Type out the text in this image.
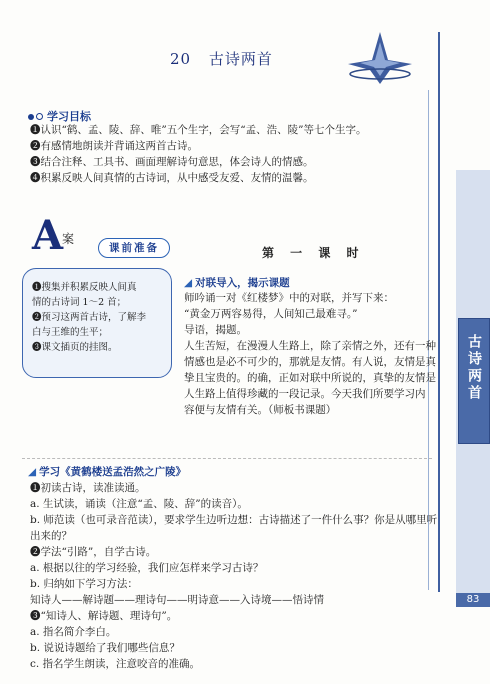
20 古诗两首
古诗两首
83
学习目标
❶认识“鹤、孟、陵、辞、唯”五个生字，会写“孟、浩、陵”等七个生字。
❷有感情地朗读并背诵这两首古诗。
❸结合注释、工具书、画面理解诗句意思，体会诗人的情感。
❹积累反映人间真情的古诗词，从中感受友爱、友情的温馨。
A
案
课前准备
❶搜集并积累反映人间真
情的古诗词 1～2 首；
❷预习这两首古诗，了解李
白与王维的生平；
❸课文插页的挂图。
第 一 课 时
◢ 对联导入，揭示课题
师吟诵一对《红楼梦》中的对联，并写下来：
“黄金万两容易得，人间知己最难寻。”
导语，揭题。
人生苦短，在漫漫人生路上，除了亲情之外，还有一种
情感也是必不可少的，那就是友情。有人说，友情是真
挚且宝贵的。的确，正如对联中所说的，真挚的友情是
人生路上值得珍藏的一段记录。今天我们所要学习内
容便与友情有关。（师板书课题）
◢ 学习《黄鹤楼送孟浩然之广陵》
❶初读古诗，读准读通。
a. 生试读，诵读（注意“孟、陵、辞”的读音）。
b. 师范读（也可录音范读），要求学生边听边想：古诗描述了一件什么事？你是从哪里听
出来的？
❷学法“引路”，自学古诗。
a. 根据以往的学习经验，我们应怎样来学习古诗？
b. 归纳如下学习方法：
知诗人——解诗题——理诗句——明诗意——入诗境——悟诗情
❸“知诗人、解诗题、理诗句”。
a. 指名简介李白。
b. 说说诗题给了我们哪些信息？
c. 指名学生朗读，注意咬音的准确。
